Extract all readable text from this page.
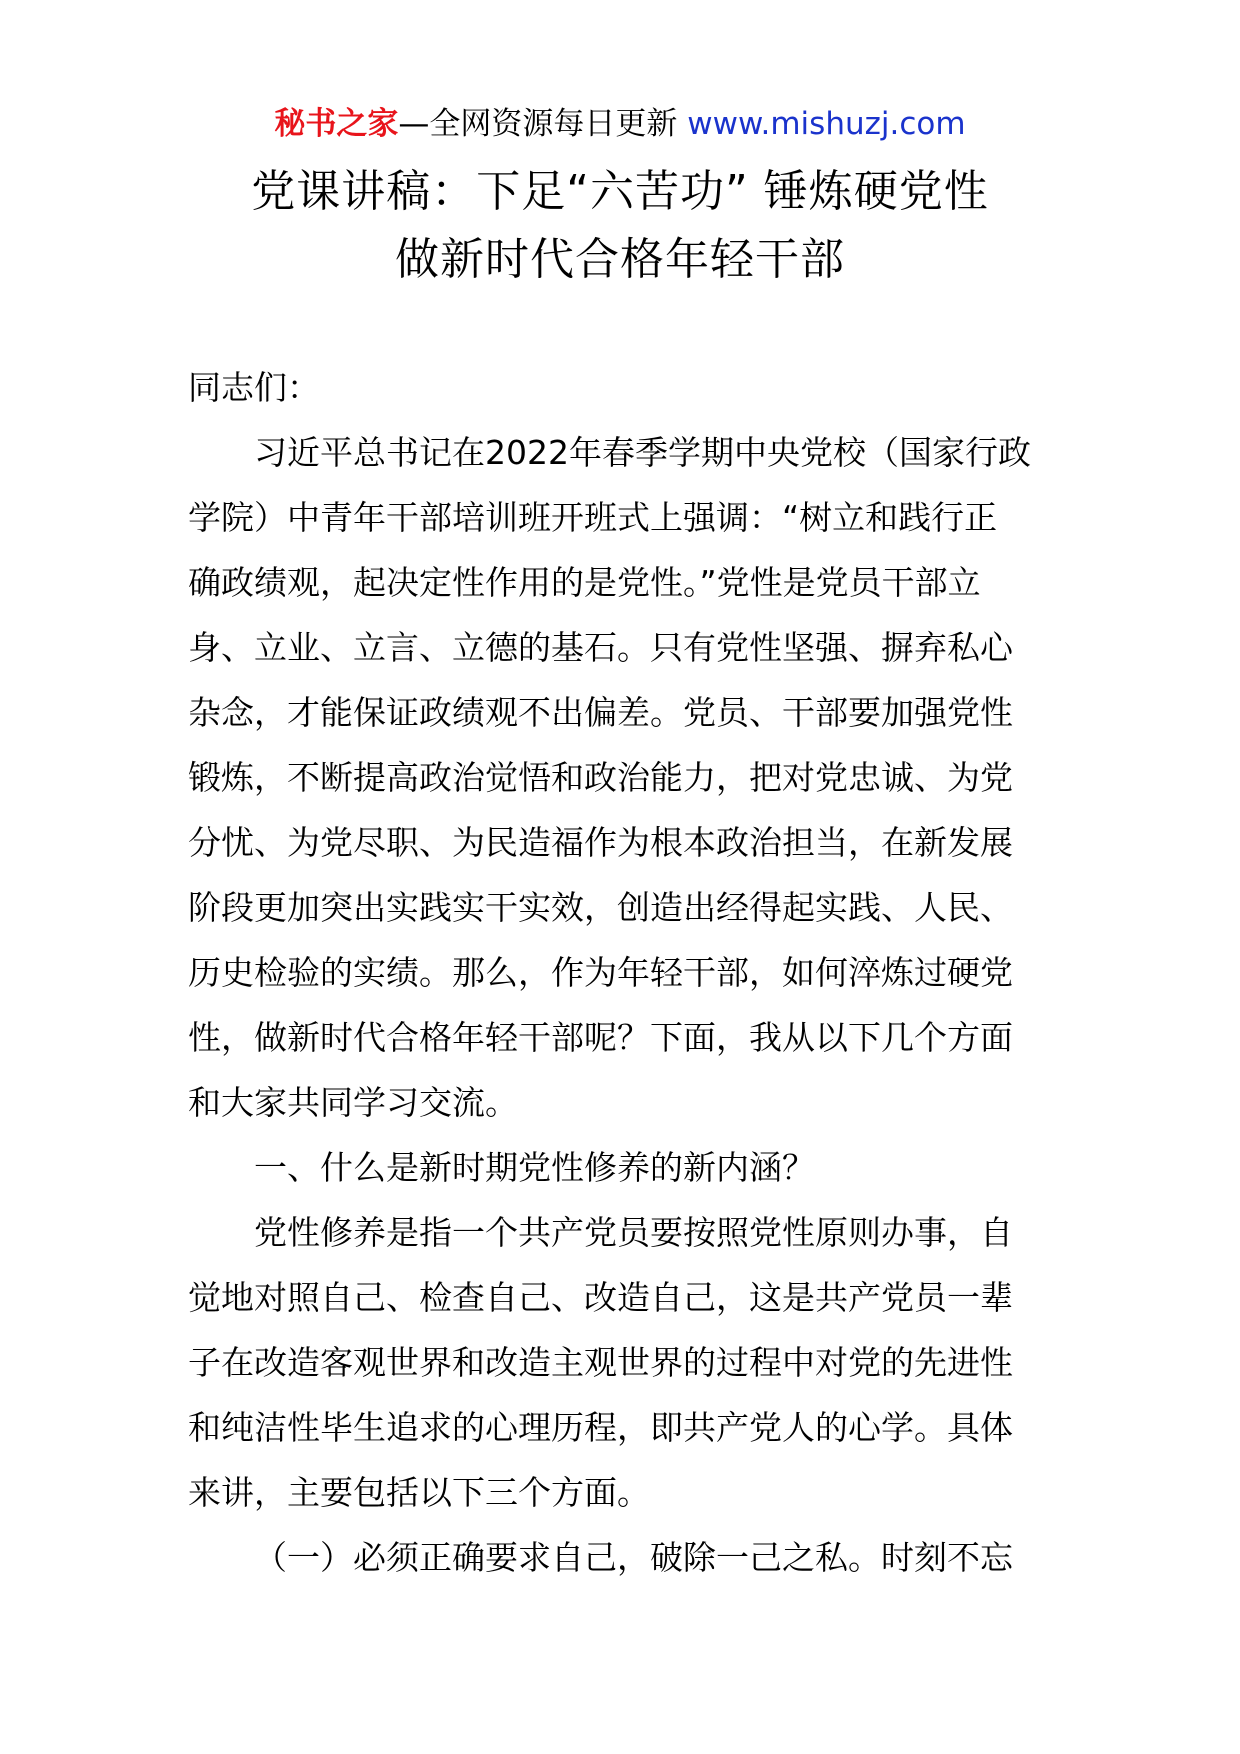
秘书之家—全网资源每日更新 www.mishuzj.com
党课讲稿：下足“六苦功” 锤炼硬党性
做新时代合格年轻干部
同志们：
习近平总书记在2022年春季学期中央党校（国家行政
学院）中青年干部培训班开班式上强调：“树立和践行正
确政绩观，起决定性作用的是党性。”党性是党员干部立
身、立业、立言、立德的基石。只有党性坚强、摒弃私心
杂念，才能保证政绩观不出偏差。党员、干部要加强党性
锻炼，不断提高政治觉悟和政治能力，把对党忠诚、为党
分忧、为党尽职、为民造福作为根本政治担当，在新发展
阶段更加突出实践实干实效，创造出经得起实践、人民、
历史检验的实绩。那么，作为年轻干部，如何淬炼过硬党
性，做新时代合格年轻干部呢？下面，我从以下几个方面
和大家共同学习交流。
一、什么是新时期党性修养的新内涵？
党性修养是指一个共产党员要按照党性原则办事，自
觉地对照自己、检查自己、改造自己，这是共产党员一辈
子在改造客观世界和改造主观世界的过程中对党的先进性
和纯洁性毕生追求的心理历程，即共产党人的心学。具体
来讲，主要包括以下三个方面。
（一）必须正确要求自己，破除一己之私。时刻不忘
